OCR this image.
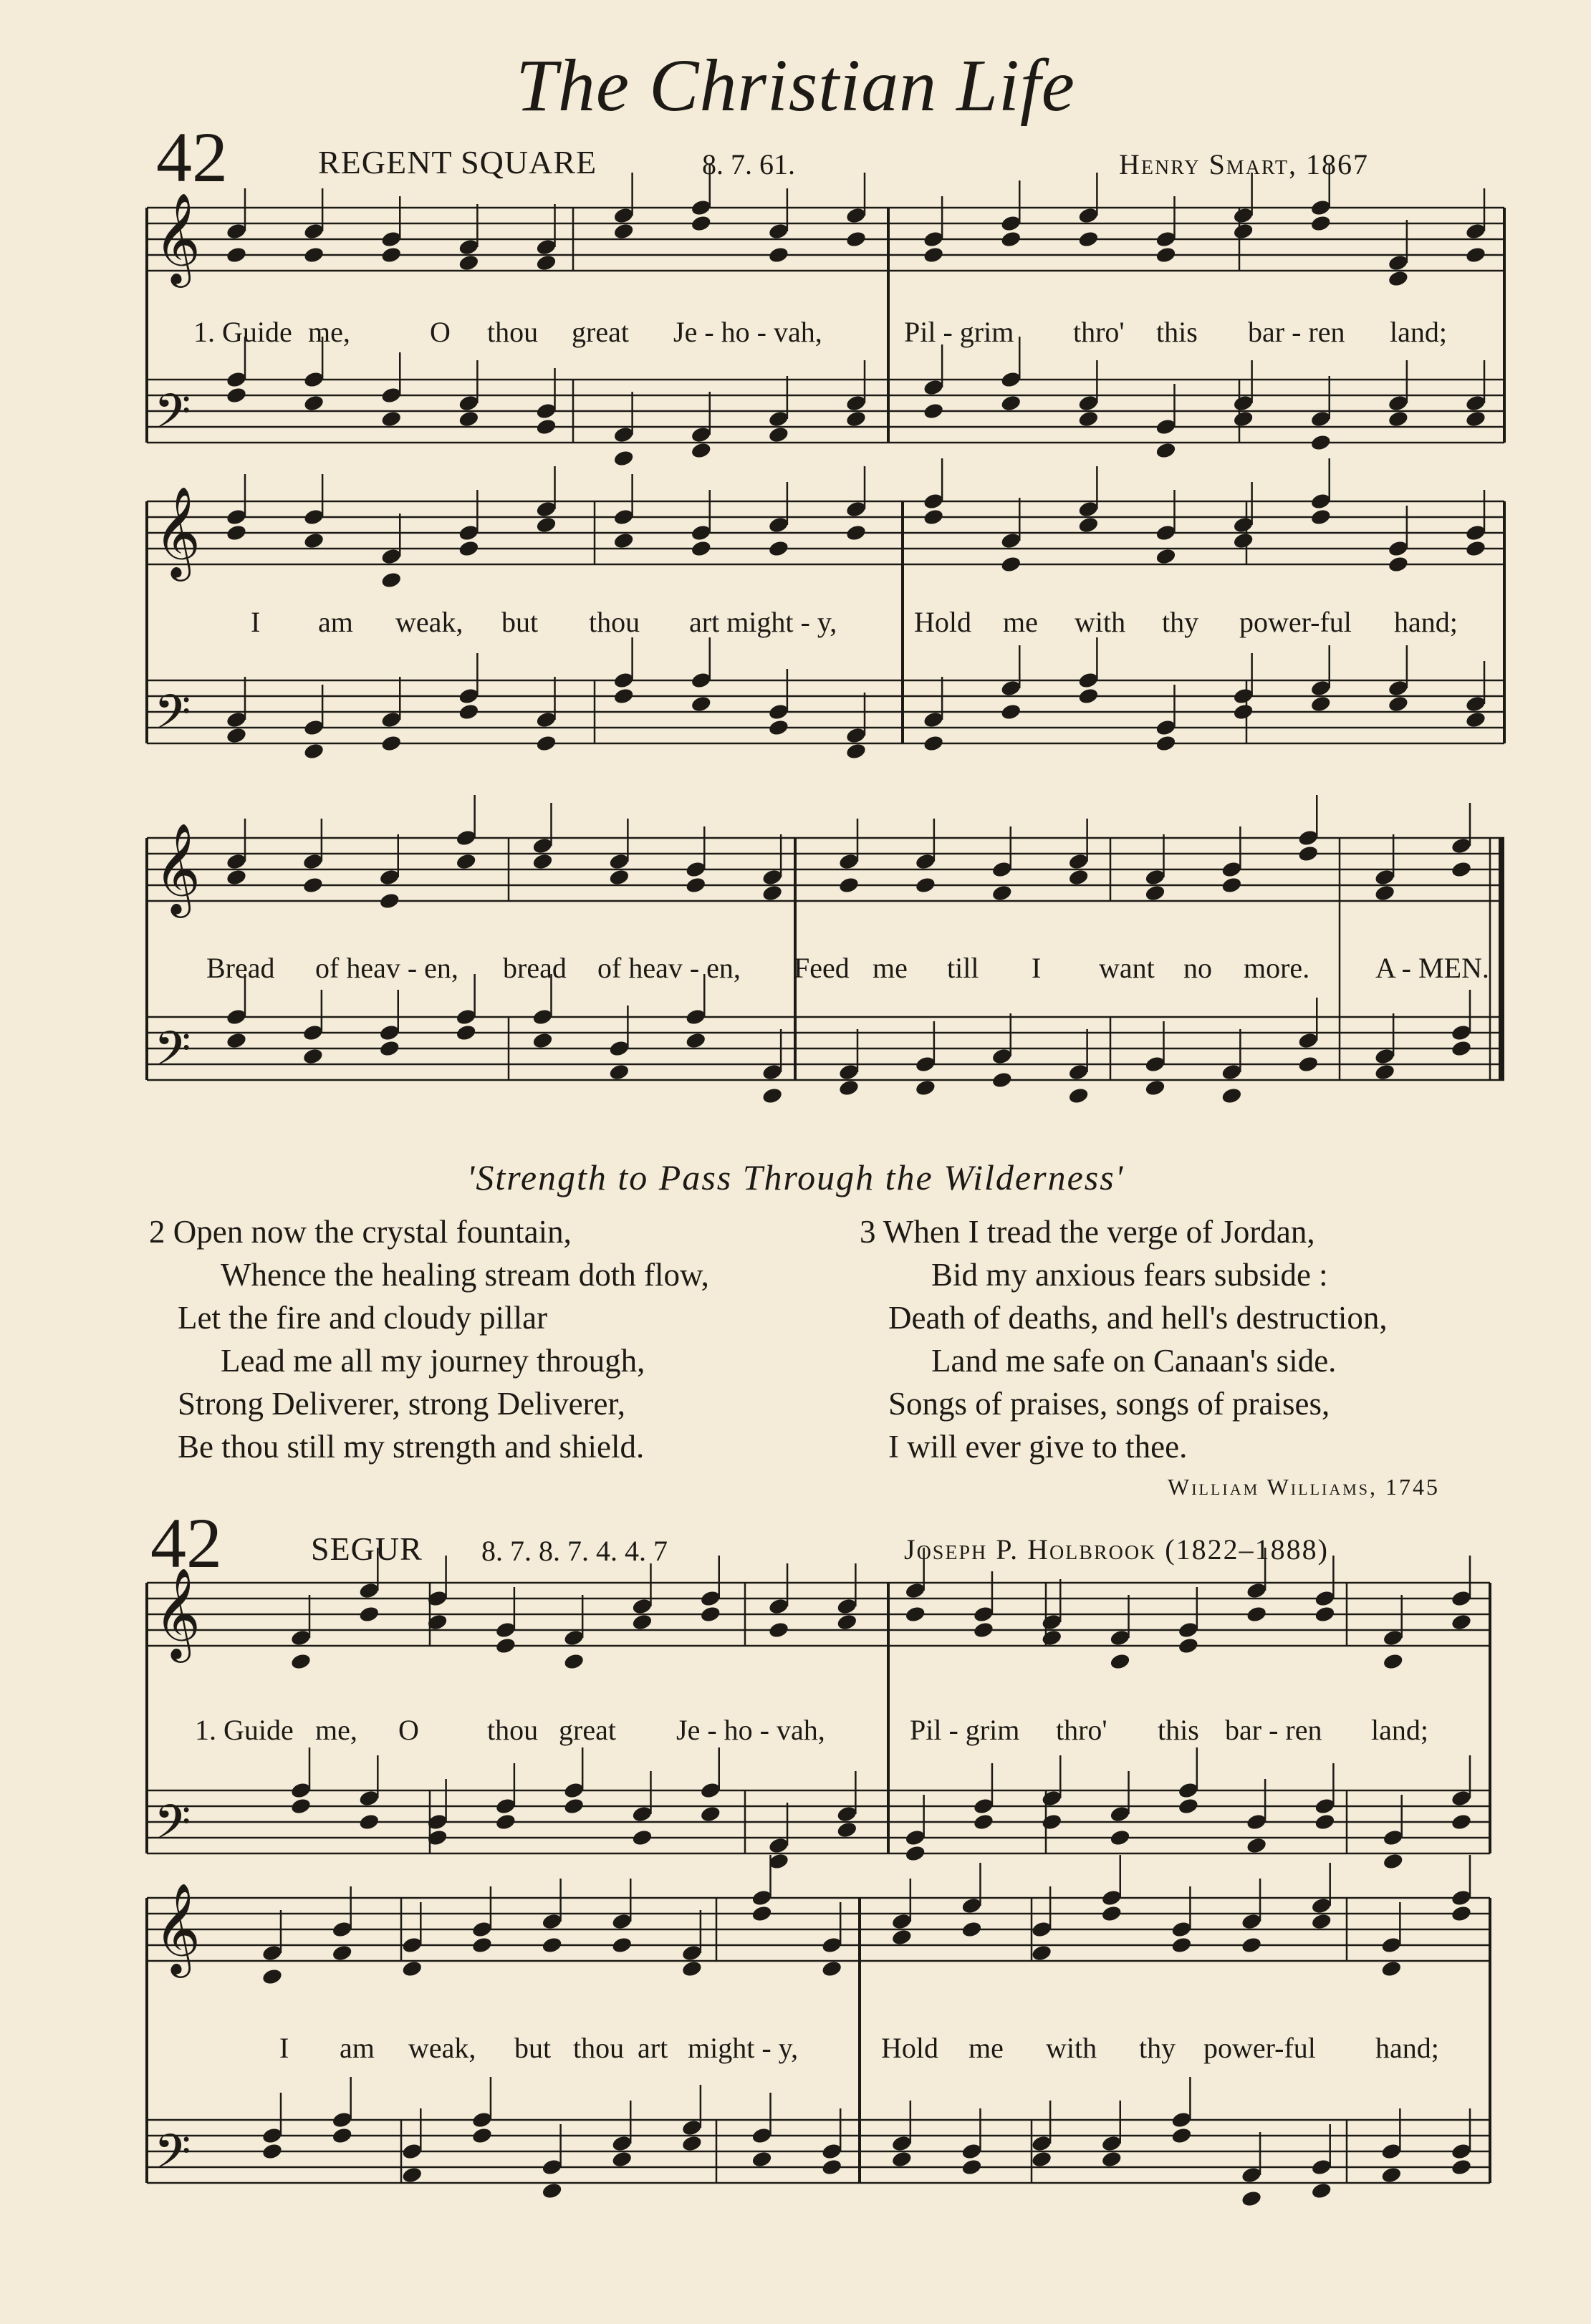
The Christian Life
42	REGENT SQUARE	8. 7. 61.	Henry Smart, 1867
𝄞
𝄢
𝄞
𝄢
𝄞
𝄢
𝄞
𝄢
𝄞
𝄢
1. Guide me,	O thou great Je - ho - vah,	Pil - grim thro' this bar - ren land;
I am weak, but thou art might - y,	Hold me with thy power-ful hand;
Bread of heav - en, bread of heav - en, Feed me till I want no more. A - MEN.
'Strength to Pass Through the Wilderness'
2 Open now the crystal fountain,
Whence the healing stream doth flow,
Let the fire and cloudy pillar
Lead me all my journey through,
Strong Deliverer, strong Deliverer,
Be thou still my strength and shield.
3 When I tread the verge of Jordan,
Bid my anxious fears subside :
Death of deaths, and hell's destruction,
Land me safe on Canaan's side.
Songs of praises, songs of praises,
I will ever give to thee.
William Williams, 1745
42	SEGUR 8. 7. 8. 7. 4. 4. 7	Joseph P. Holbrook (1822–1888)
1. Guide me, O thou great Je - ho - vah,	Pil - grim thro' this bar - ren land;
I am weak, but thou art might - y,	Hold me with thy power-ful hand;
